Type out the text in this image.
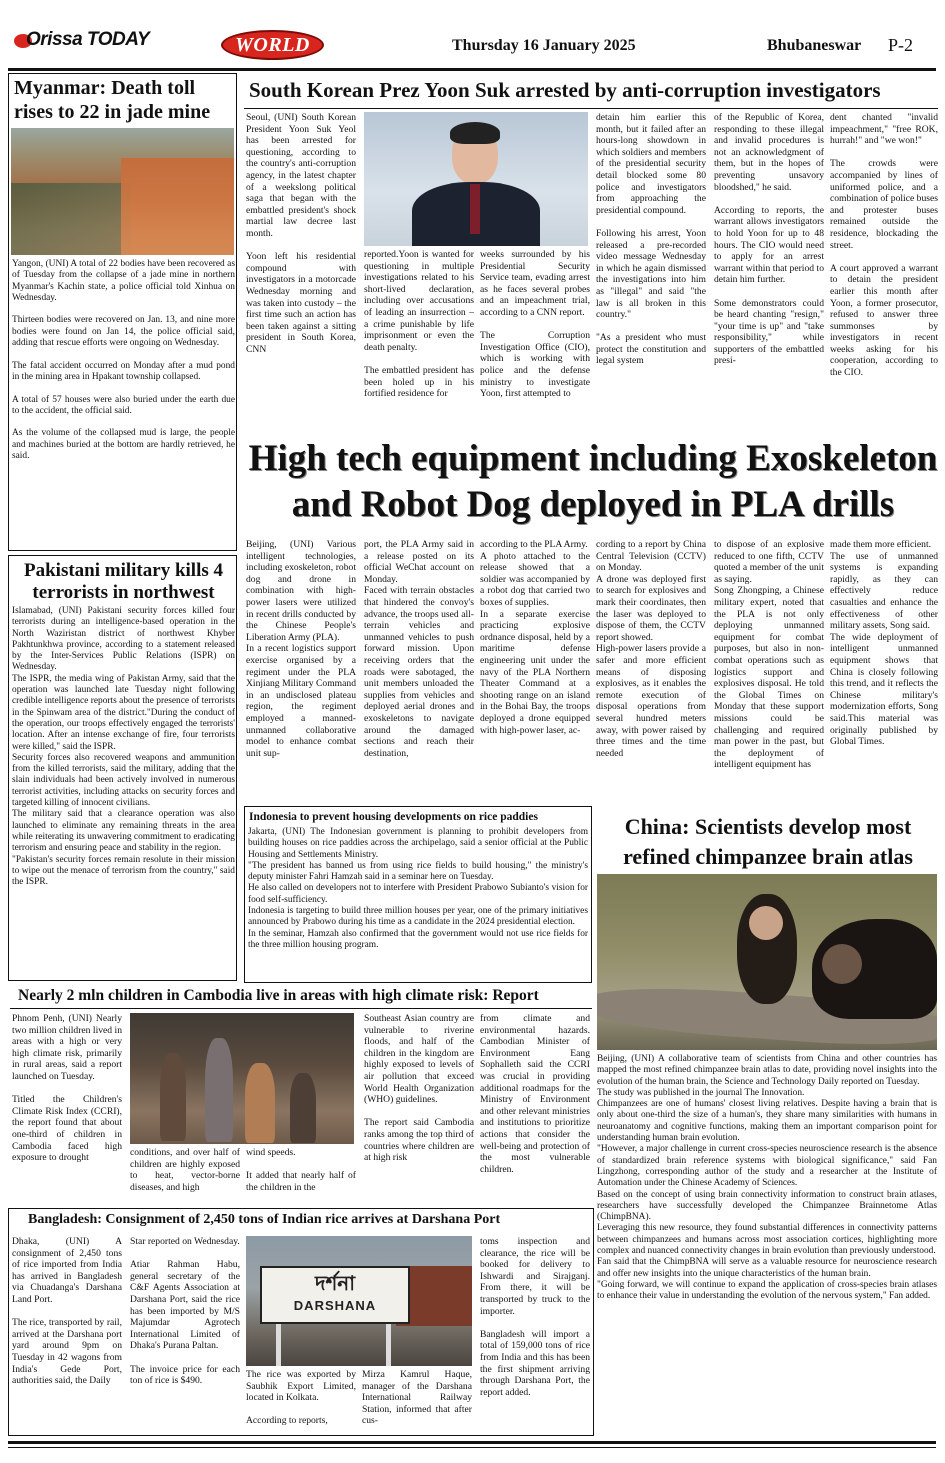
Orissa TODAY	WORLD	Thursday 16 January 2025	Bhubaneswar P-2
Myanmar: Death toll rises to 22 in jade mine
Yangon, (UNI) A total of 22 bodies have been recovered as of Tuesday from the collapse of a jade mine in northern Myanmar's Kachin state, a police official told Xinhua on Wednesday.

Thirteen bodies were recovered on Jan. 13, and nine more bodies were found on Jan 14, the police official said, adding that rescue efforts were ongoing on Wednesday.

The fatal accident occurred on Monday after a mud pond in the mining area in Hpakant township collapsed.

A total of 57 houses were also buried under the earth due to the accident, the official said.

As the volume of the collapsed mud is large, the people and machines buried at the bottom are hardly retrieved, he said.
Pakistani military kills 4 terrorists in northwest
Islamabad, (UNI) Pakistani security forces killed four terrorists during an intelligence-based operation in the North Waziristan district of northwest Khyber Pakhtunkhwa province, according to a statement released by the Inter-Services Public Relations (ISPR) on Wednesday.
The ISPR, the media wing of Pakistan Army, said that the operation was launched late Tuesday night following credible intelligence reports about the presence of terrorists in the Spinwam area of the district."During the conduct of the operation, our troops effectively engaged the terrorists' location. After an intense exchange of fire, four terrorists were killed," said the ISPR.
Security forces also recovered weapons and ammunition from the killed terrorists, said the military, adding that the slain individuals had been actively involved in numerous terrorist activities, including attacks on security forces and targeted killing of innocent civilians.
The military said that a clearance operation was also launched to eliminate any remaining threats in the area while reiterating its unwavering commitment to eradicating terrorism and ensuring peace and stability in the region.
"Pakistan's security forces remain resolute in their mission to wipe out the menace of terrorism from the country," said the ISPR.
South Korean Prez Yoon Suk arrested by anti-corruption investigators
Seoul, (UNI) South Korean President Yoon Suk Yeol has been arrested for questioning, according to the country's anti-corruption agency, in the latest chapter of a weekslong political saga that began with the embattled president's shock martial law decree last month.

Yoon left his residential compound with investigators in a motorcade Wednesday morning and was taken into custody – the first time such an action has been taken against a sitting president in South Korea, CNN
reported.Yoon is wanted for questioning in multiple investigations related to his short-lived declaration, including over accusations of leading an insurrection – a crime punishable by life imprisonment or even the death penalty.

The embattled president has been holed up in his fortified residence for
weeks surrounded by his Presidential Security Service team, evading arrest as he faces several probes and an impeachment trial, according to a CNN report.

The Corruption Investigation Office (CIO), which is working with police and the defense ministry to investigate Yoon, first attempted to
detain him earlier this month, but it failed after an hours-long showdown in which soldiers and members of the presidential security detail blocked some 80 police and investigators from approaching the presidential compound.

Following his arrest, Yoon released a pre-recorded video message Wednesday in which he again dismissed the investigations into him as "illegal" and said "the law is all broken in this country."

"As a president who must protect the constitution and legal system
of the Republic of Korea, responding to these illegal and invalid procedures is not an acknowledgment of them, but in the hopes of preventing unsavory bloodshed," he said.

According to reports, the warrant allows investigators to hold Yoon for up to 48 hours. The CIO would need to apply for an arrest warrant within that period to detain him further.

Some demonstrators could be heard chanting "resign," "your time is up" and "take responsibility," while supporters of the embattled presi-
dent chanted "invalid impeachment," "free ROK, hurrah!" and "we won!"

The crowds were accompanied by lines of uniformed police, and a combination of police buses and protester buses remained outside the residence, blockading the street.

A court approved a warrant to detain the president earlier this month after Yoon, a former prosecutor, refused to answer three summonses by investigators in recent weeks asking for his cooperation, according to the CIO.
High tech equipment including Exoskeleton and Robot Dog deployed in PLA drills
Beijing, (UNI) Various intelligent technologies, including exoskeleton, robot dog and drone in combination with high-power lasers were utilized in recent drills conducted by the Chinese People's Liberation Army (PLA).
In a recent logistics support exercise organised by a regiment under the PLA Xinjiang Military Command in an undisclosed plateau region, the regiment employed a manned-unmanned collaborative model to enhance combat unit sup-
port, the PLA Army said in a release posted on its official WeChat account on Monday.
Faced with terrain obstacles that hindered the convoy's advance, the troops used all-terrain vehicles and unmanned vehicles to push forward mission. Upon receiving orders that the roads were sabotaged, the unit members unloaded the supplies from vehicles and deployed aerial drones and exoskeletons to navigate around the damaged sections and reach their destination,
according to the PLA Army.
A photo attached to the release showed that a soldier was accompanied by a robot dog that carried two boxes of supplies.
In a separate exercise practicing explosive ordnance disposal, held by a maritime defense engineering unit under the navy of the PLA Northern Theater Command at a shooting range on an island in the Bohai Bay, the troops deployed a drone equipped with high-power laser, ac-
cording to a report by China Central Television (CCTV) on Monday.
A drone was deployed first to search for explosives and mark their coordinates, then the laser was deployed to dispose of them, the CCTV report showed.
High-power lasers provide a safer and more efficient means of disposing explosives, as it enables the remote execution of disposal operations from several hundred meters away, with power raised by three times and the time needed
to dispose of an explosive reduced to one fifth, CCTV quoted a member of the unit as saying.
Song Zhongping, a Chinese military expert, noted that the PLA is not only deploying unmanned equipment for combat purposes, but also in non-combat operations such as logistics support and explosives disposal. He told the Global Times on Monday that these support missions could be challenging and required man power in the past, but the deployment of intelligent equipment has
made them more efficient.
The use of unmanned systems is expanding rapidly, as they can effectively reduce casualties and enhance the effectiveness of other military assets, Song said.
The wide deployment of intelligent unmanned equipment shows that China is closely following this trend, and it reflects the Chinese military's modernization efforts, Song said.This material was originally published by Global Times.
Indonesia to prevent housing developments on rice paddies
Jakarta, (UNI) The Indonesian government is planning to prohibit developers from building houses on rice paddies across the archipelago, said a senior official at the Public Housing and Settlements Ministry.
"The president has banned us from using rice fields to build housing," the ministry's deputy minister Fahri Hamzah said in a seminar here on Tuesday.
He also called on developers not to interfere with President Prabowo Subianto's vision for food self-sufficiency.
Indonesia is targeting to build three million houses per year, one of the primary initiatives announced by Prabowo during his time as a candidate in the 2024 presidential election.
In the seminar, Hamzah also confirmed that the government would not use rice fields for the three million housing program.
China: Scientists develop most refined chimpanzee brain atlas
Beijing, (UNI) A collaborative team of scientists from China and other countries has mapped the most refined chimpanzee brain atlas to date, providing novel insights into the evolution of the human brain, the Science and Technology Daily reported on Tuesday.
The study was published in the journal The Innovation.
Chimpanzees are one of humans' closest living relatives. Despite having a brain that is only about one-third the size of a human's, they share many similarities with humans in neuroanatomy and cognitive functions, making them an important comparison point for understanding human brain evolution.
"However, a major challenge in current cross-species neuroscience research is the absence of standardized brain reference systems with biological significance," said Fan Lingzhong, corresponding author of the study and a researcher at the Institute of Automation under the Chinese Academy of Sciences.
Based on the concept of using brain connectivity information to construct brain atlases, researchers have successfully developed the Chimpanzee Brainnetome Atlas (ChimpBNA).
Leveraging this new resource, they found substantial differences in connectivity patterns between chimpanzees and humans across most association cortices, highlighting more complex and nuanced connectivity changes in brain evolution than previously understood.
Fan said that the ChimpBNA will serve as a valuable resource for neuroscience research and offer new insights into the unique characteristics of the human brain.
"Going forward, we will continue to expand the application of cross-species brain atlases to enhance their value in understanding the evolution of the nervous system," Fan added.
Nearly 2 mln children in Cambodia live in areas with high climate risk: Report
Phnom Penh, (UNI) Nearly two million children lived in areas with a high or very high climate risk, primarily in rural areas, said a report launched on Tuesday.

Titled the Children's Climate Risk Index (CCRI), the report found that about one-third of children in Cambodia faced high exposure to drought	conditions, and over half of children are highly exposed to heat, vector-borne diseases, and high
wind speeds.

It added that nearly half of the children in the
Southeast Asian country are vulnerable to riverine floods, and half of the children in the kingdom are highly exposed to levels of air pollution that exceed World Health Organization (WHO) guidelines.

The report said Cambodia ranks among the top third of countries where children are at high risk
from climate and environmental hazards. Cambodian Minister of Environment Eang Sophalleth said the CCRI was crucial in providing additional roadmaps for the Ministry of Environment and other relevant ministries and institutions to prioritize actions that consider the well-being and protection of the most vulnerable children.
Bangladesh: Consignment of 2,450 tons of Indian rice arrives at Darshana Port
Dhaka, (UNI) A consignment of 2,450 tons of rice imported from India has arrived in Bangladesh via Chuadanga's Darshana Land Port.

The rice, transported by rail, arrived at the Darshana port yard around 9pm on Tuesday in 42 wagons from India's Gede Port, authorities said, the Daily
Star reported on Wednesday.

Atiar Rahman Habu, general secretary of the C&F Agents Association at Darshana Port, said the rice has been imported by M/S Majumdar Agrotech International Limited of Dhaka's Purana Paltan.

The invoice price for each ton of rice is $490.
দর্শনা
DARSHANA
The rice was exported by Saubhik Export Limited, located in Kolkata.

According to reports,
Mirza Kamrul Haque, manager of the Darshana International Railway Station, informed that after cus-
toms inspection and clearance, the rice will be booked for delivery to Ishwardi and Sirajganj. From there, it will be transported by truck to the importer.

Bangladesh will import a total of 159,000 tons of rice from India and this has been the first shipment arriving through Darshana Port, the report added.
